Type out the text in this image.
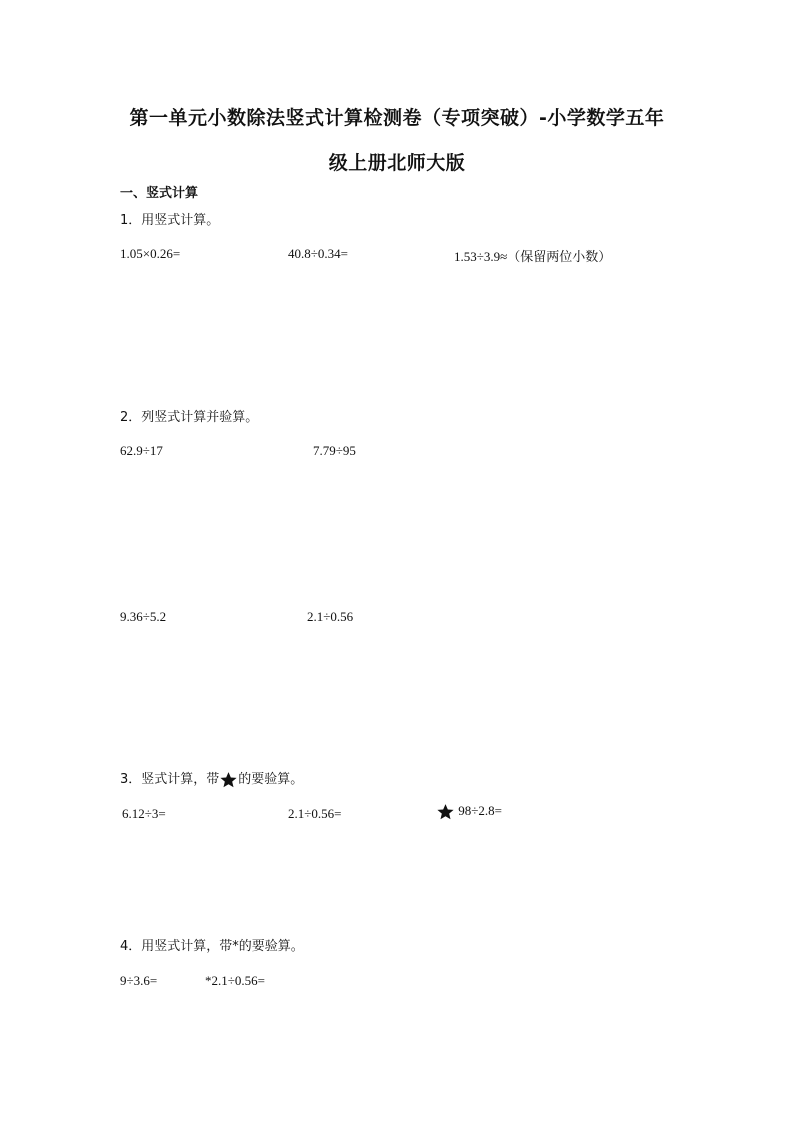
第一单元小数除法竖式计算检测卷（专项突破）-小学数学五年
级上册北师大版
一、竖式计算
1．用竖式计算。
1.05×0.26=	40.8÷0.34=	1.53÷3.9≈（保留两位小数）
2．列竖式计算并验算。
62.9÷17	7.79÷95
9.36÷5.2	2.1÷0.56
3．竖式计算，带 的要验算。
6.12÷3=	2.1÷0.56=	98÷2.8=
4．用竖式计算，带*的要验算。
9÷3.6=	*2.1÷0.56=
